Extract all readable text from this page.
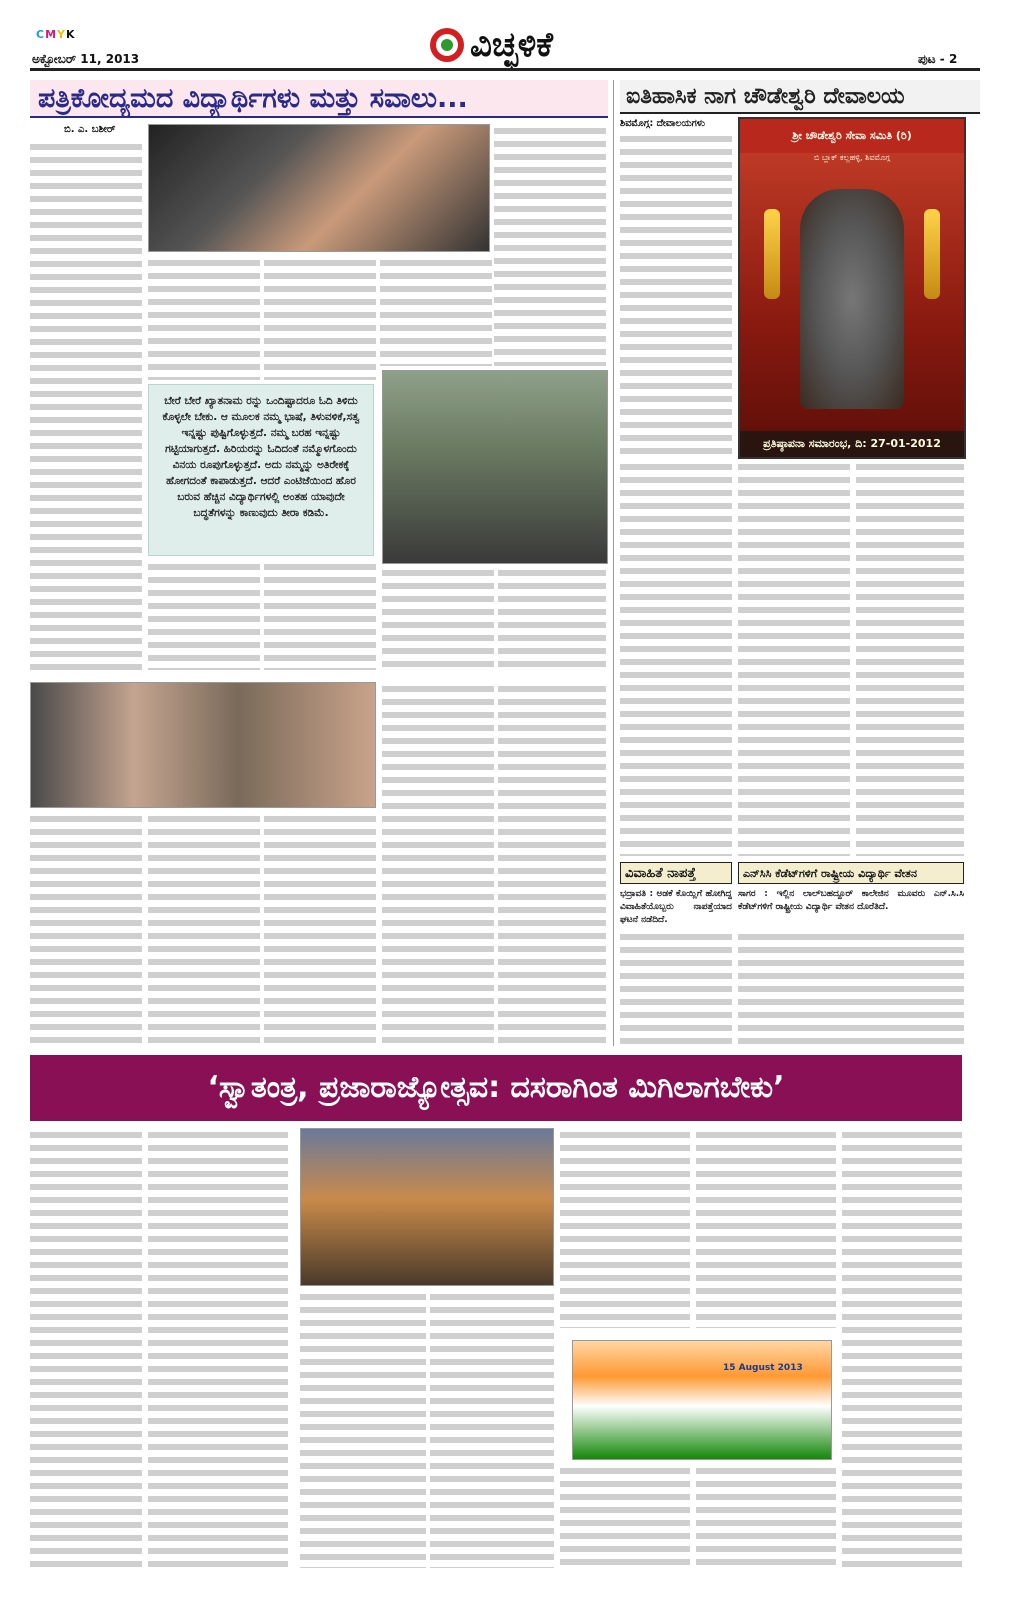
CMYK
ಅಕ್ಟೋಬರ್ 11, 2013	ವಿಚ್ಛಳಿಕೆ	ಪುಟ - 2
ಪತ್ರಿಕೋದ್ಯಮದ ವಿದ್ಯಾರ್ಥಿಗಳು ಮತ್ತು ಸವಾಲು...	ಐತಿಹಾಸಿಕ ನಾಗ ಚೌಡೇಶ್ವರಿ ದೇವಾಲಯ
ಬಿ. ಎ. ಬಶೀರ್
ಬೇರೆ ಬೇರೆ ಖ್ಯಾತನಾಮ ರನ್ನು ಒಂದಿಷ್ಟಾದರೂ ಓದಿ ತಿಳಿದು ಕೊಳ್ಳಲೇ ಬೇಕು. ಆ ಮೂಲಕ ನಮ್ಮ ಭಾಷೆ, ತಿಳುವಳಿಕೆ,ಸತ್ವ ಇನ್ನಷ್ಟು ಪುಷ್ಟಿಗೊಳ್ಳುತ್ತದೆ. ನಮ್ಮ ಬರಹ ಇನ್ನಷ್ಟು ಗಟ್ಟಿಯಾಗುತ್ತದೆ. ಹಿರಿಯರನ್ನು ಓದಿದಂತೆ ನಮ್ಮೊಳಗೊಂದು ವಿನಯ ರೂಪುಗೊಳ್ಳುತ್ತದೆ. ಅದು ನಮ್ಮನ್ನು ಅತಿರೇಕಕ್ಕೆ ಹೋಗದಂತೆ ಕಾಪಾಡುತ್ತದೆ. ಆದರೆ ಎಂಟಿಜೆಯಿಂದ ಹೊರ ಬರುವ ಹೆಚ್ಚಿನ ವಿದ್ಯಾರ್ಥಿಗಳಲ್ಲಿ ಅಂತಹ ಯಾವುದೇ ಬದ್ಧತೆಗಳನ್ನು ಕಾಣುವುದು ತೀರಾ ಕಡಿಮೆ.
ಶಿವಮೊಗ್ಗ: ದೇವಾಲಯಗಳು
ಶ್ರೀ ಚೌಡೇಶ್ವರಿ ಸೇವಾ ಸಮಿತಿ (ರಿ)
ಬಿ ಬ್ಲಾಕ್ ಕಲ್ಲಹಳ್ಳಿ, ಶಿವಮೊಗ್ಗ
ಪ್ರತಿಷ್ಠಾಪನಾ ಸಮಾರಂಭ, ದಿ: 27-01-2012
ವಿವಾಹಿತೆ ನಾಪತ್ತೆ
ಭದ್ರಾವತಿ : ಅಡಕೆ ಕೊಯ್ಲಿಗೆ ಹೋಗಿದ್ದ ವಿವಾಹಿತೆಯೊಬ್ಬರು ನಾಪತ್ತೆಯಾದ ಘಟನೆ ನಡೆದಿದೆ.
ಎನ್‌ಸಿಸಿ ಕೆಡೆಟ್‌ಗಳಿಗೆ ರಾಷ್ಟ್ರೀಯ ವಿದ್ಯಾರ್ಥಿ ವೇತನ
ಸಾಗರ : ಇಲ್ಲಿನ ಲಾಲ್‌ಬಹದ್ದೂರ್ ಕಾಲೇಜಿನ ಮೂವರು ಎನ್.ಸಿ.ಸಿ ಕೆಡೆಟ್‌ಗಳಿಗೆ ರಾಷ್ಟ್ರೀಯ ವಿದ್ಯಾರ್ಥಿ ವೇತನ ದೊರೆತಿದೆ.
‘ಸ್ವಾತಂತ್ರ, ಪ್ರಜಾರಾಜ್ಯೋತ್ಸವ: ದಸರಾಗಿಂತ ಮಿಗಿಲಾಗಬೇಕು’
15 August 2013
